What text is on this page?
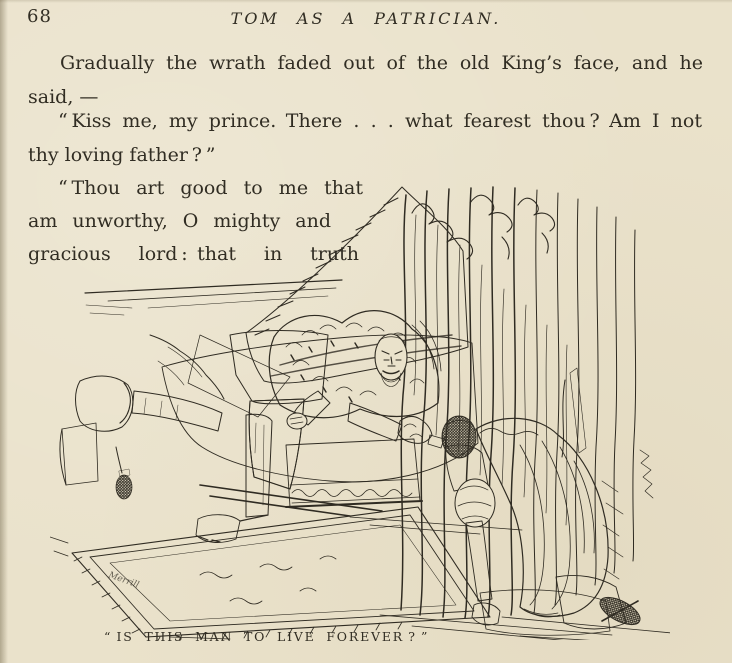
68	TOM AS A PATRICIAN.
Gradually the wrath faded out of the old King’s face, and he
said, —
“ Kiss me, my prince. There . . . what fearest thou ? Am I not
thy loving father ? ”
“ Thou art good to me that
am unworthy, O mighty and
gracious lord : that in truth
Merrill
“ IS THIS MAN TO LIVE FOREVER ? ”
